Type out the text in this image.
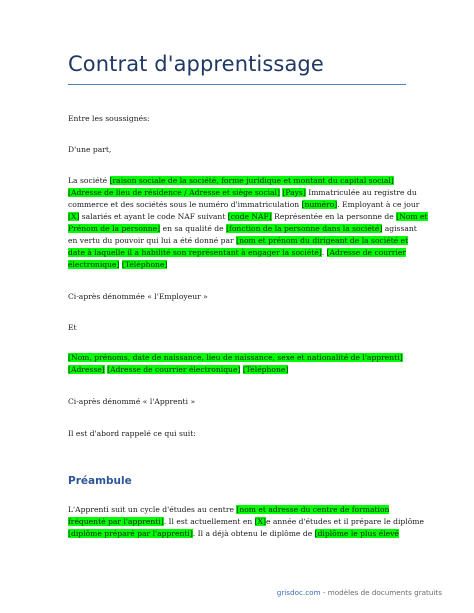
Contrat d'apprentissage
Entre les soussignés:
D'une part,
La société [raison sociale de la société, forme juridique et montant du capital social]
[Adresse de lieu de résidence / Adresse et siège social] [Pays] Immatriculée au registre du
commerce et des sociétés sous le numéro d'immatriculation [numéro]. Employant à ce jour
[X] salariés et ayant le code NAF suivant [code NAF] Représentée en la personne de [Nom et
Prénom de la personne] en sa qualité de [fonction de la personne dans la société] agissant
en vertu du pouvoir qui lui a été donné par [nom et prénom du dirigeant de la société et
date à laquelle il a habilité son représentant à engager la société]. [Adresse de courrier
électronique] [Téléphone]
Ci-après dénommée « l'Employeur »
Et
[Nom, prénoms, date de naissance, lieu de naissance, sexe et nationalité de l'apprenti]
[Adresse] [Adresse de courrier électronique] [Téléphone]
Ci-après dénommé « l'Apprenti »
Il est d'abord rappelé ce qui suit:
Préambule
L'Apprenti suit un cycle d'études au centre [nom et adresse du centre de formation
fréquenté par l'apprenti]. Il est actuellement en [X]e année d'études et il prépare le diplôme
[diplôme préparé par l'apprenti]. Il a déjà obtenu le diplôme de [diplôme le plus élevé
grisdoc.com - modèles de documents gratuits
